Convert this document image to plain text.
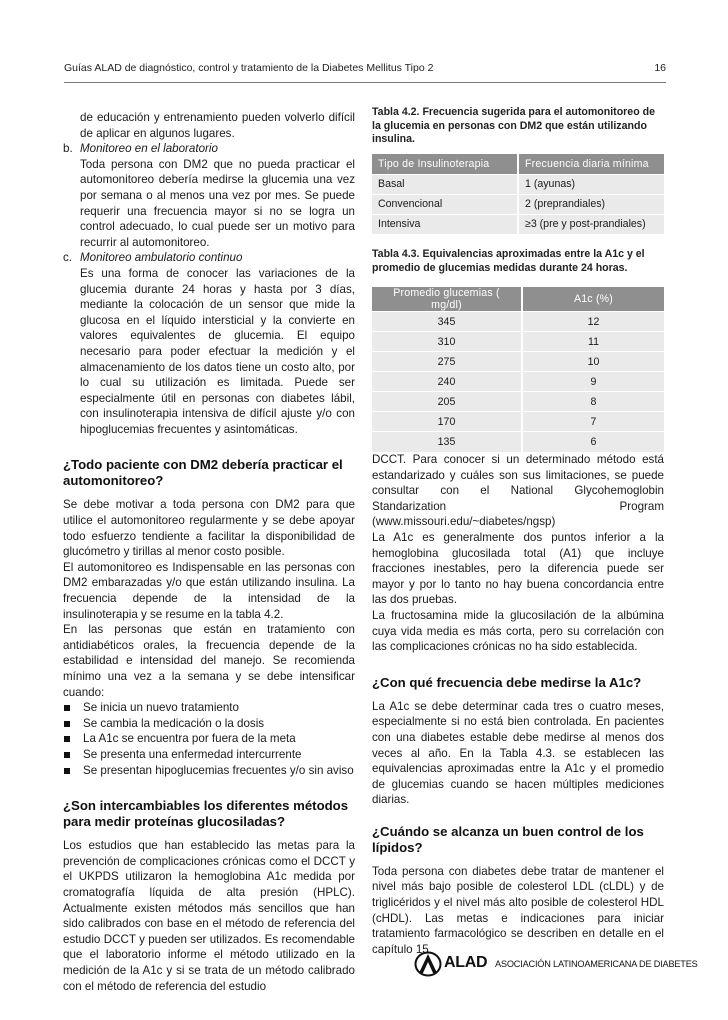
Guías ALAD de diagnóstico, control y tratamiento de la Diabetes Mellitus Tipo 2	16

de educación y entrenamiento pueden volverlo difícil de aplicar en algunos lugares.

b. Monitoreo en el laboratorio

Toda persona con DM2 que no pueda practicar el automonitoreo debería medirse la glucemia una vez por semana o al menos una vez por mes. Se puede requerir una frecuencia mayor si no se logra un control adecuado, lo cual puede ser un motivo para recurrir al automonitoreo.

c. Monitoreo ambulatorio continuo

Es una forma de conocer las variaciones de la glucemia durante 24 horas y hasta por 3 días, mediante la colocación de un sensor que mide la glucosa en el líquido intersticial y la convierte en valores equivalentes de glucemia. El equipo necesario para poder efectuar la medición y el almacenamiento de los datos tiene un costo alto, por lo cual su utilización es limitada. Puede ser especialmente útil en personas con diabetes lábil, con insulinoterapia intensiva de difícil ajuste y/o con hipoglucemias frecuentes y asintomáticas.

¿Todo paciente con DM2 debería practicar el automonitoreo?

Se debe motivar a toda persona con DM2 para que utilice el automonitoreo regularmente y se debe apoyar todo esfuerzo tendiente a facilitar la disponibilidad de glucómetro y tirillas al menor costo posible.

El automonitoreo es Indispensable en las personas con DM2 embarazadas y/o que están utilizando insulina. La frecuencia depende de la intensidad de la insulinoterapia y se resume en la tabla 4.2.

En las personas que están en tratamiento con antidiabéticos orales, la frecuencia depende de la estabilidad e intensidad del manejo. Se recomienda mínimo una vez a la semana y se debe intensificar cuando:

Se inicia un nuevo tratamiento
Se cambia la medicación o la dosis
La A1c se encuentra por fuera de la meta
Se presenta una enfermedad intercurrente
Se presentan hipoglucemias frecuentes y/o sin aviso
¿Son intercambiables los diferentes métodos para medir proteínas glucosiladas?

Los estudios que han establecido las metas para la prevención de complicaciones crónicas como el DCCT y el UKPDS utilizaron la hemoglobina A1c medida por cromatografía líquida de alta presión (HPLC). Actualmente existen métodos más sencillos que han sido calibrados con base en el método de referencia del estudio DCCT y pueden ser utilizados. Es recomendable que el laboratorio informe el método utilizado en la medición de la A1c y si se trata de un método calibrado con el método de referencia del estudio

Tabla 4.2. Frecuencia sugerida para el automonitoreo de la glucemia en personas con DM2 que están utilizando insulina.
Tipo de Insulinoterapia	Frecuencia diaria mínima
Basal	1 (ayunas)
Convencional	2 (preprandiales)
Intensiva	≥3 (pre y post-prandiales)
Tabla 4.3. Equivalencias aproximadas entre la A1c y el promedio de glucemias medidas durante 24 horas.
Promedio glucemias ( mg/dl)	A1c (%)
345	12
310	11
275	10
240	9
205	8
170	7
135	6

DCCT. Para conocer si un determinado método está estandarizado y cuáles son sus limitaciones, se puede consultar con el National Glycohemoglobin Standarization Program (www.missouri.edu/~diabetes/ngsp)

La A1c es generalmente dos puntos inferior a la hemoglobina glucosilada total (A1) que incluye fracciones inestables, pero la diferencia puede ser mayor y por lo tanto no hay buena concordancia entre las dos pruebas.

La fructosamina mide la glucosilación de la albúmina cuya vida media es más corta, pero su correlación con las complicaciones crónicas no ha sido establecida.

¿Con qué frecuencia debe medirse la A1c?

La A1c se debe determinar cada tres o cuatro meses, especialmente si no está bien controlada. En pacientes con una diabetes estable debe medirse al menos dos veces al año. En la Tabla 4.3. se establecen las equivalencias aproximadas entre la A1c y el promedio de glucemias cuando se hacen múltiples mediciones diarias.

¿Cuándo se alcanza un buen control de los lípidos?

Toda persona con diabetes debe tratar de mantener el nivel más bajo posible de colesterol LDL (cLDL) y de triglicéridos y el nivel más alto posible de colesterol HDL (cHDL). Las metas e indicaciones para iniciar tratamiento farmacológico se describen en detalle en el capítulo 15.

ALAD ASOCIACIÓN LATINOAMERICANA DE DIABETES
